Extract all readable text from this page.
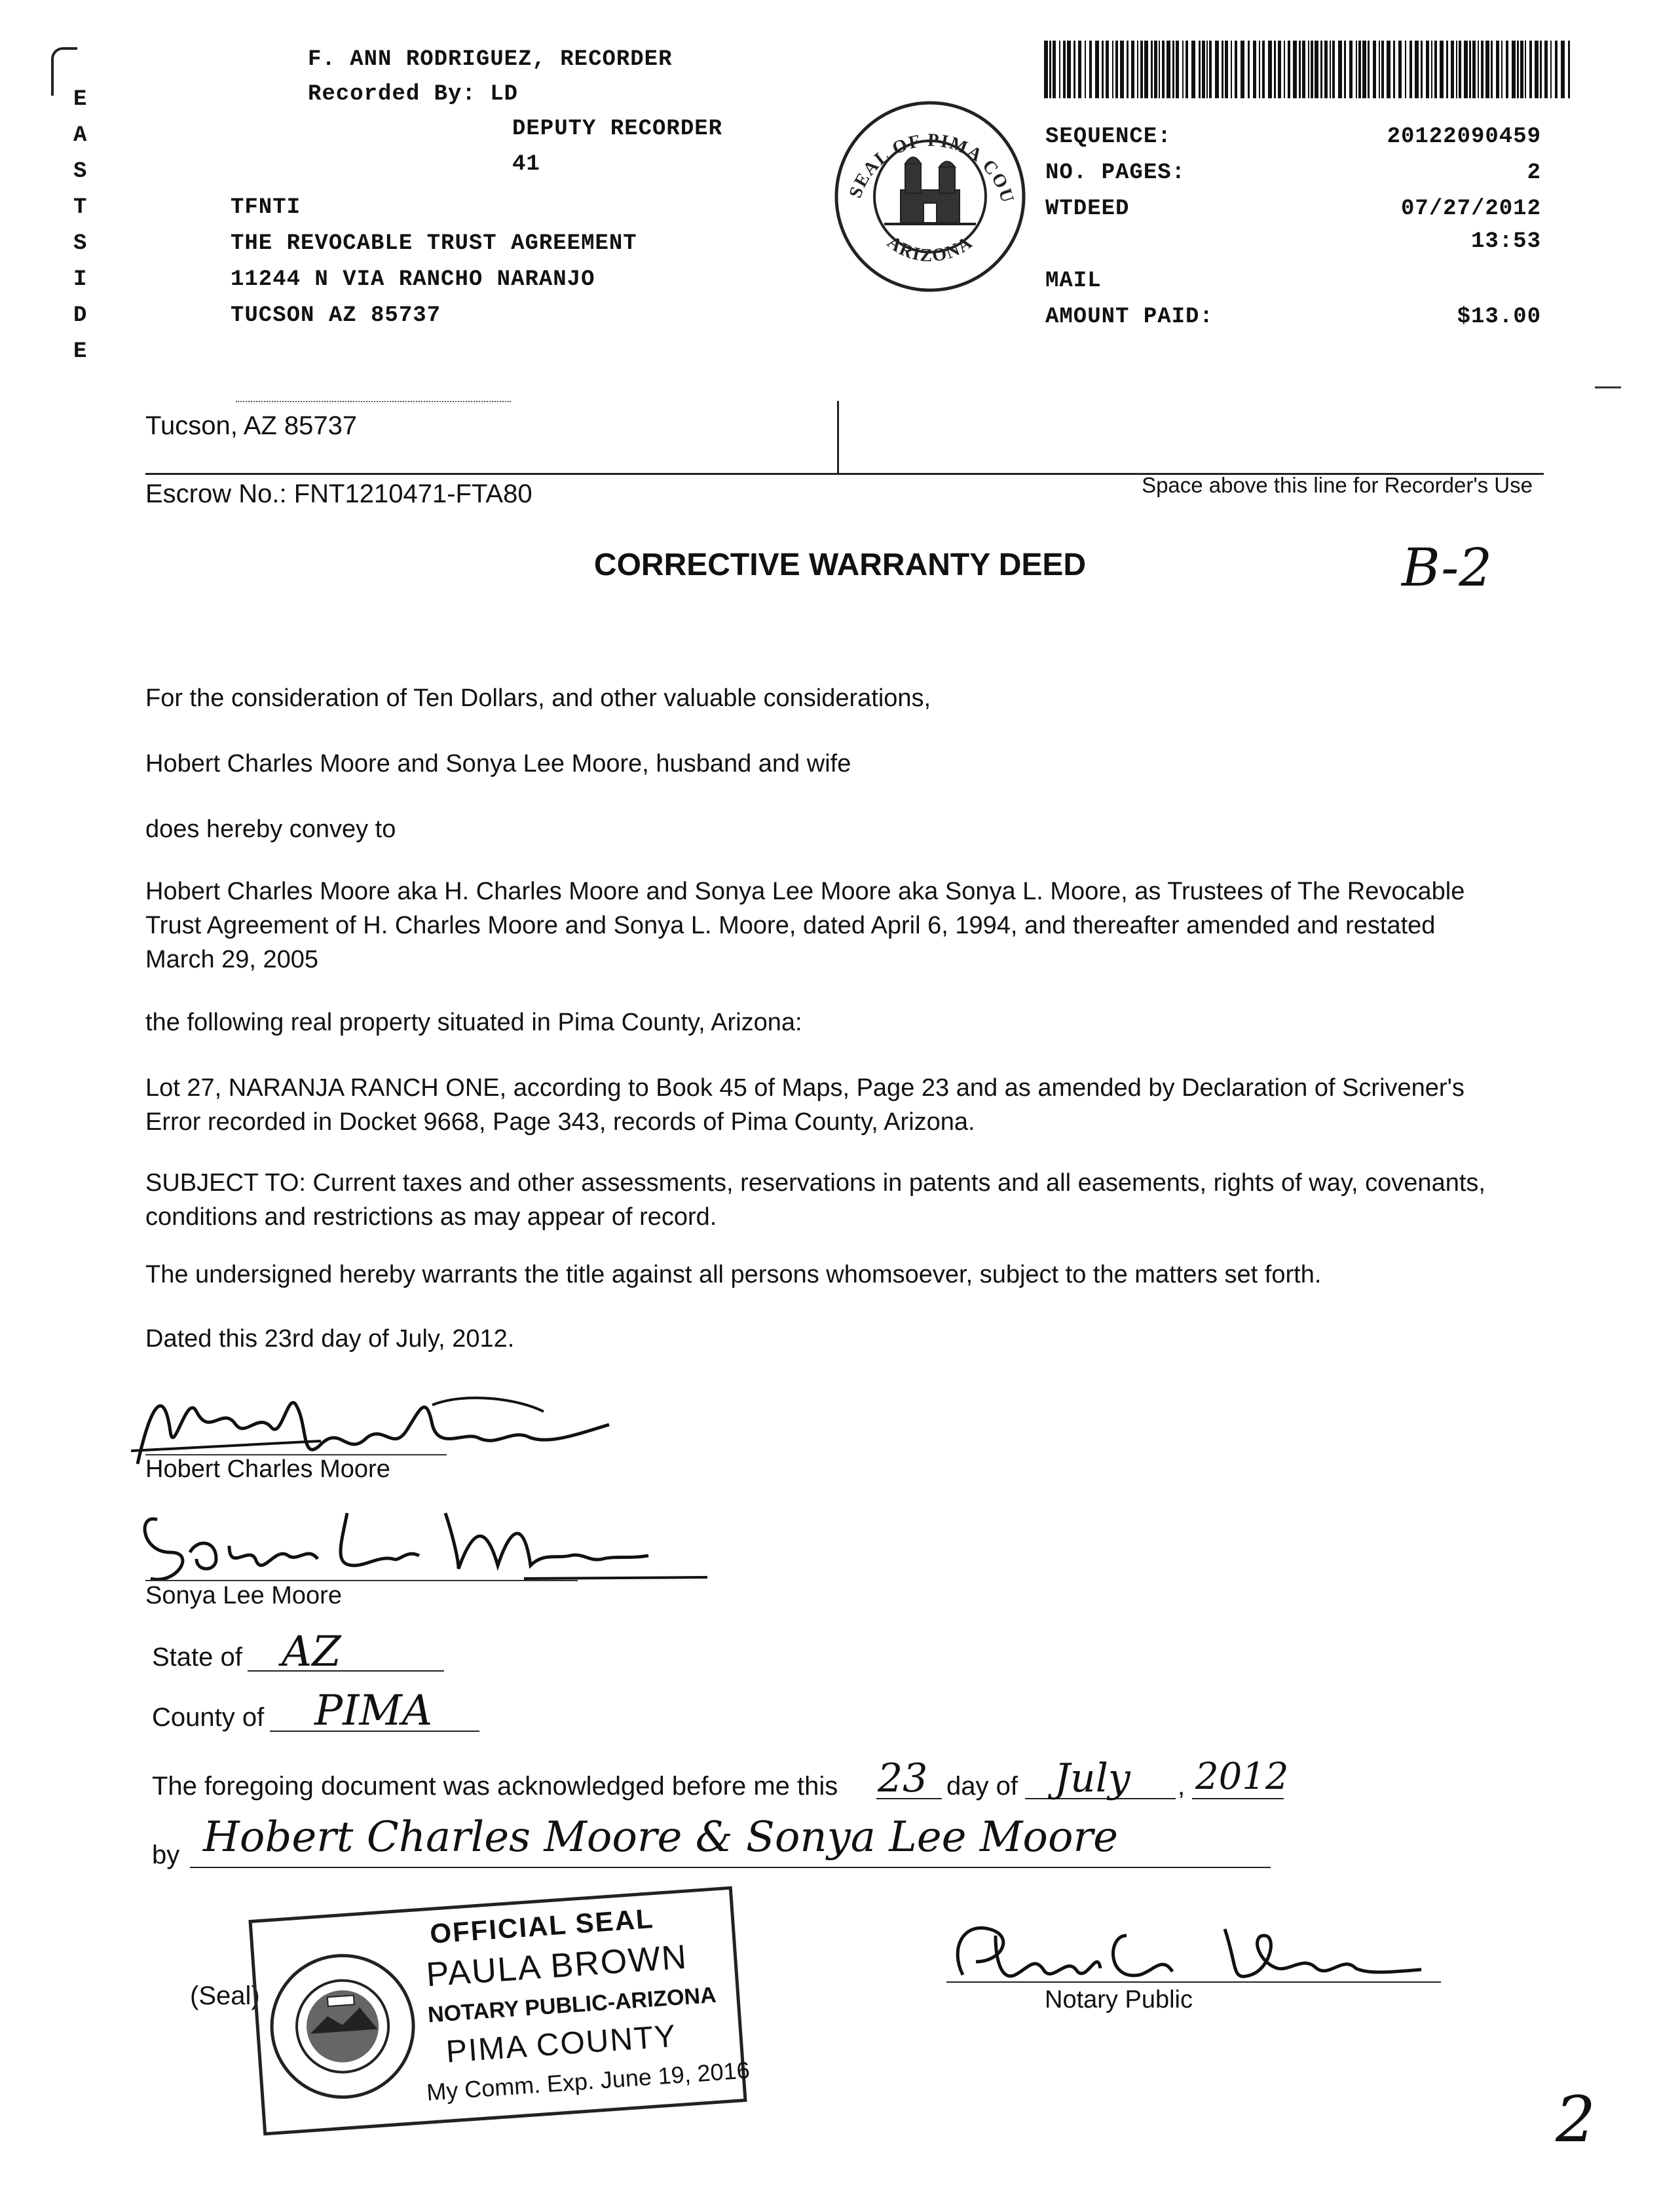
E
A
S
T
S
I
D
E
F. ANN RODRIGUEZ, RECORDER
Recorded By: LD
DEPUTY RECORDER
41
TFNTI
THE REVOCABLE TRUST AGREEMENT
11244 N VIA RANCHO NARANJO
TUCSON AZ 85737
SEAL OF PIMA COU
ARIZONA
SEQUENCE:	20122090459
NO. PAGES:	2
WTDEED	07/27/2012
13:53
MAIL
AMOUNT PAID:	$13.00
Tucson, AZ 85737
Escrow No.: FNT1210471-FTA80	Space above this line for Recorder's Use
CORRECTIVE WARRANTY DEED	B-2
For the consideration of Ten Dollars, and other valuable considerations,
Hobert Charles Moore and Sonya Lee Moore, husband and wife
does hereby convey to
Hobert Charles Moore aka H. Charles Moore and Sonya Lee Moore aka Sonya L. Moore, as Trustees of The Revocable Trust Agreement of H. Charles Moore and Sonya L. Moore, dated April 6, 1994, and thereafter amended and restated March 29, 2005
the following real property situated in Pima County, Arizona:
Lot 27, NARANJA RANCH ONE, according to Book 45 of Maps, Page 23 and as amended by Declaration of Scrivener's Error recorded in Docket 9668, Page 343, records of Pima County, Arizona.
SUBJECT TO: Current taxes and other assessments, reservations in patents and all easements, rights of way, covenants, conditions and restrictions as may appear of record.
The undersigned hereby warrants the title against all persons whomsoever, subject to the matters set forth.
Dated this 23rd day of July, 2012.
Hobert Charles Moore
Sonya Lee Moore
State of AZ
County of PIMA
The foregoing document was acknowledged before me this 23 day of July , 2012
by Hobert Charles Moore & Sonya Lee Moore
(Seal)
OFFICIAL SEAL
PAULA BROWN
NOTARY PUBLIC-ARIZONA
PIMA COUNTY
My Comm. Exp. June 19, 2016
Notary Public
2
